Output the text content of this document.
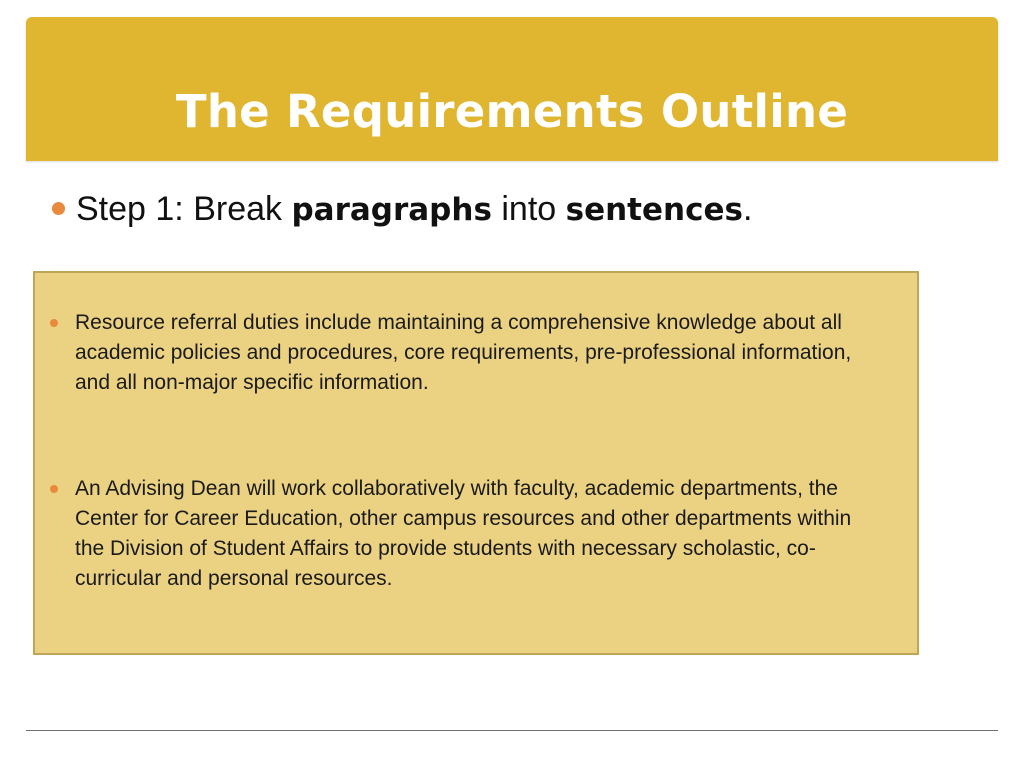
The Requirements Outline
Step 1: Break paragraphs into sentences.
Resource referral duties include maintaining a comprehensive knowledge about all academic policies and procedures, core requirements, pre-professional information, and all non-major specific information.
An Advising Dean will work collaboratively with faculty, academic departments, the Center for Career Education, other campus resources and other departments within the Division of Student Affairs to provide students with necessary scholastic, co-curricular and personal resources.
